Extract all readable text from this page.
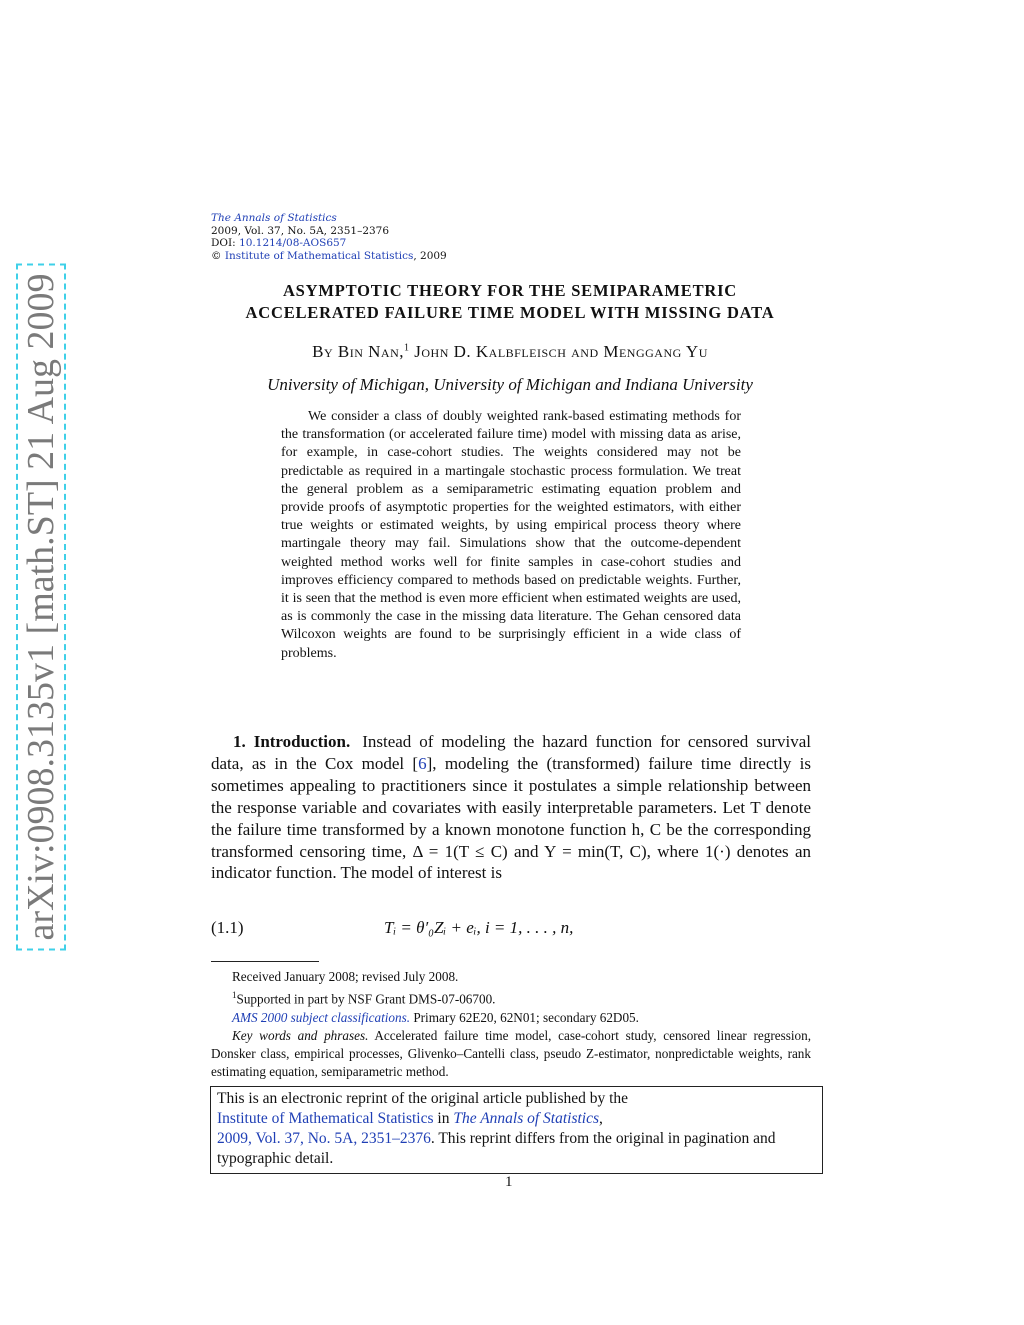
arXiv:0908.3135v1 [math.ST] 21 Aug 2009
The Annals of Statistics
2009, Vol. 37, No. 5A, 2351–2376
DOI: 10.1214/08-AOS657
© Institute of Mathematical Statistics, 2009
ASYMPTOTIC THEORY FOR THE SEMIPARAMETRIC
ACCELERATED FAILURE TIME MODEL WITH MISSING DATA
By Bin Nan,$^1$ John D. Kalbfleisch and Menggang Yu
University of Michigan, University of Michigan and Indiana University

We consider a class of doubly weighted rank-based estimating methods for the transformation (or accelerated failure time) model with missing data as arise, for example, in case-cohort studies. The weights considered may not be predictable as required in a martingale stochastic process formulation. We treat the general problem as a semiparametric estimating equation problem and provide proofs of asymptotic properties for the weighted estimators, with either true weights or estimated weights, by using empirical process theory where martingale theory may fail. Simulations show that the outcome-dependent weighted method works well for finite samples in case-cohort studies and improves efficiency compared to methods based on predictable weights. Further, it is seen that the method is even more efficient when estimated weights are used, as is commonly the case in the missing data literature. The Gehan censored data Wilcoxon weights are found to be surprisingly efficient in a wide class of problems.

1. Introduction. Instead of modeling the hazard function for censored survival data, as in the Cox model [6], modeling the (transformed) failure time directly is sometimes appealing to practitioners since it postulates a simple relationship between the response variable and covariates with easily interpretable parameters. Let T denote the failure time transformed by a known monotone function h, C be the corresponding transformed censoring time, Δ = 1(T ≤ C) and Y = min(T, C), where 1(·) denotes an indicator function. The model of interest is

(1.1)	Tᵢ = θ′₀Zᵢ + eᵢ, i = 1, . . . , n,

Received January 2008; revised July 2008.

$^1$Supported in part by NSF Grant DMS-07-06700.

AMS 2000 subject classifications. Primary 62E20, 62N01; secondary 62D05.

Key words and phrases. Accelerated failure time model, case-cohort study, censored linear regression, Donsker class, empirical processes, Glivenko–Cantelli class, pseudo Z-estimator, nonpredictable weights, rank estimating equation, semiparametric method.

This is an electronic reprint of the original article published by the
Institute of Mathematical Statistics in The Annals of Statistics,
2009, Vol. 37, No. 5A, 2351–2376. This reprint differs from the original in pagination and typographic detail.
1
